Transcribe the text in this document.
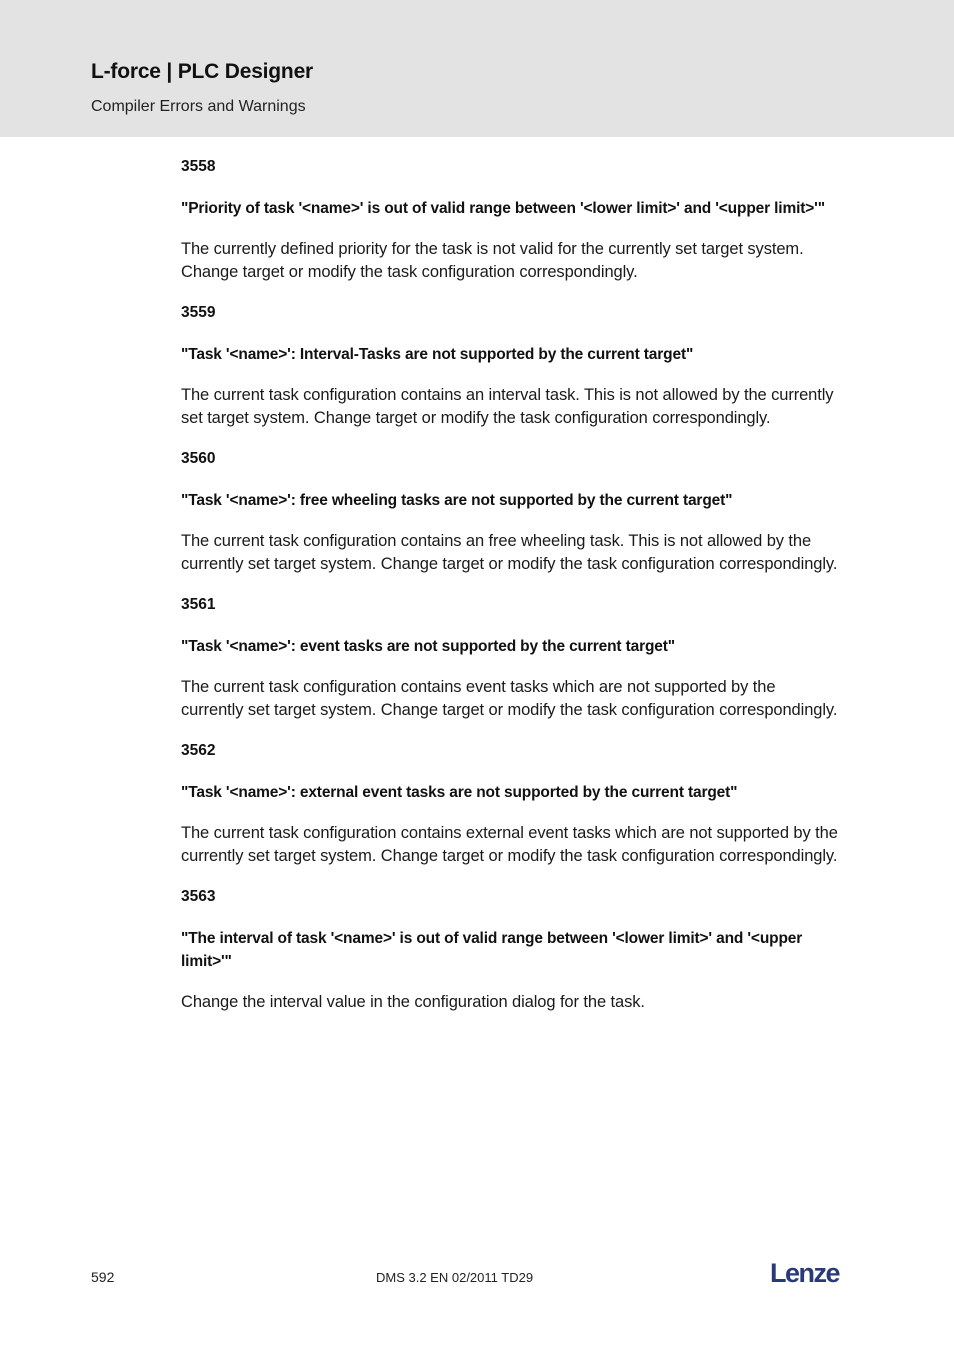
L-force | PLC Designer
Compiler Errors and Warnings
3558
"Priority of task '<name>' is out of valid range between '<lower limit>' and '<upper limit>'"
The currently defined priority for the task is not valid for the currently set target system. Change target or modify the task configuration correspondingly.
3559
"Task '<name>': Interval-Tasks are not supported by the current target"
The current task configuration contains an interval task. This is not allowed by the currently set target system. Change target or modify the task configuration correspondingly.
3560
"Task '<name>': free wheeling tasks are not supported by the current target"
The current task configuration contains an free wheeling task. This is not allowed by the currently set target system. Change target or modify the task configuration correspondingly.
3561
"Task '<name>': event tasks are not supported by the current target"
The current task configuration contains event tasks which are not supported by the currently set target system. Change target or modify the task configuration correspondingly.
3562
"Task '<name>': external event tasks are not supported by the current target"
The current task configuration contains external event tasks which are not supported by the currently set target system. Change target or modify the task configuration correspondingly.
3563
"The interval of task '<name>' is out of valid range between '<lower limit>' and '<upper limit>'"
Change the interval value in the configuration dialog for the task.
592	DMS 3.2 EN 02/2011 TD29	Lenze
